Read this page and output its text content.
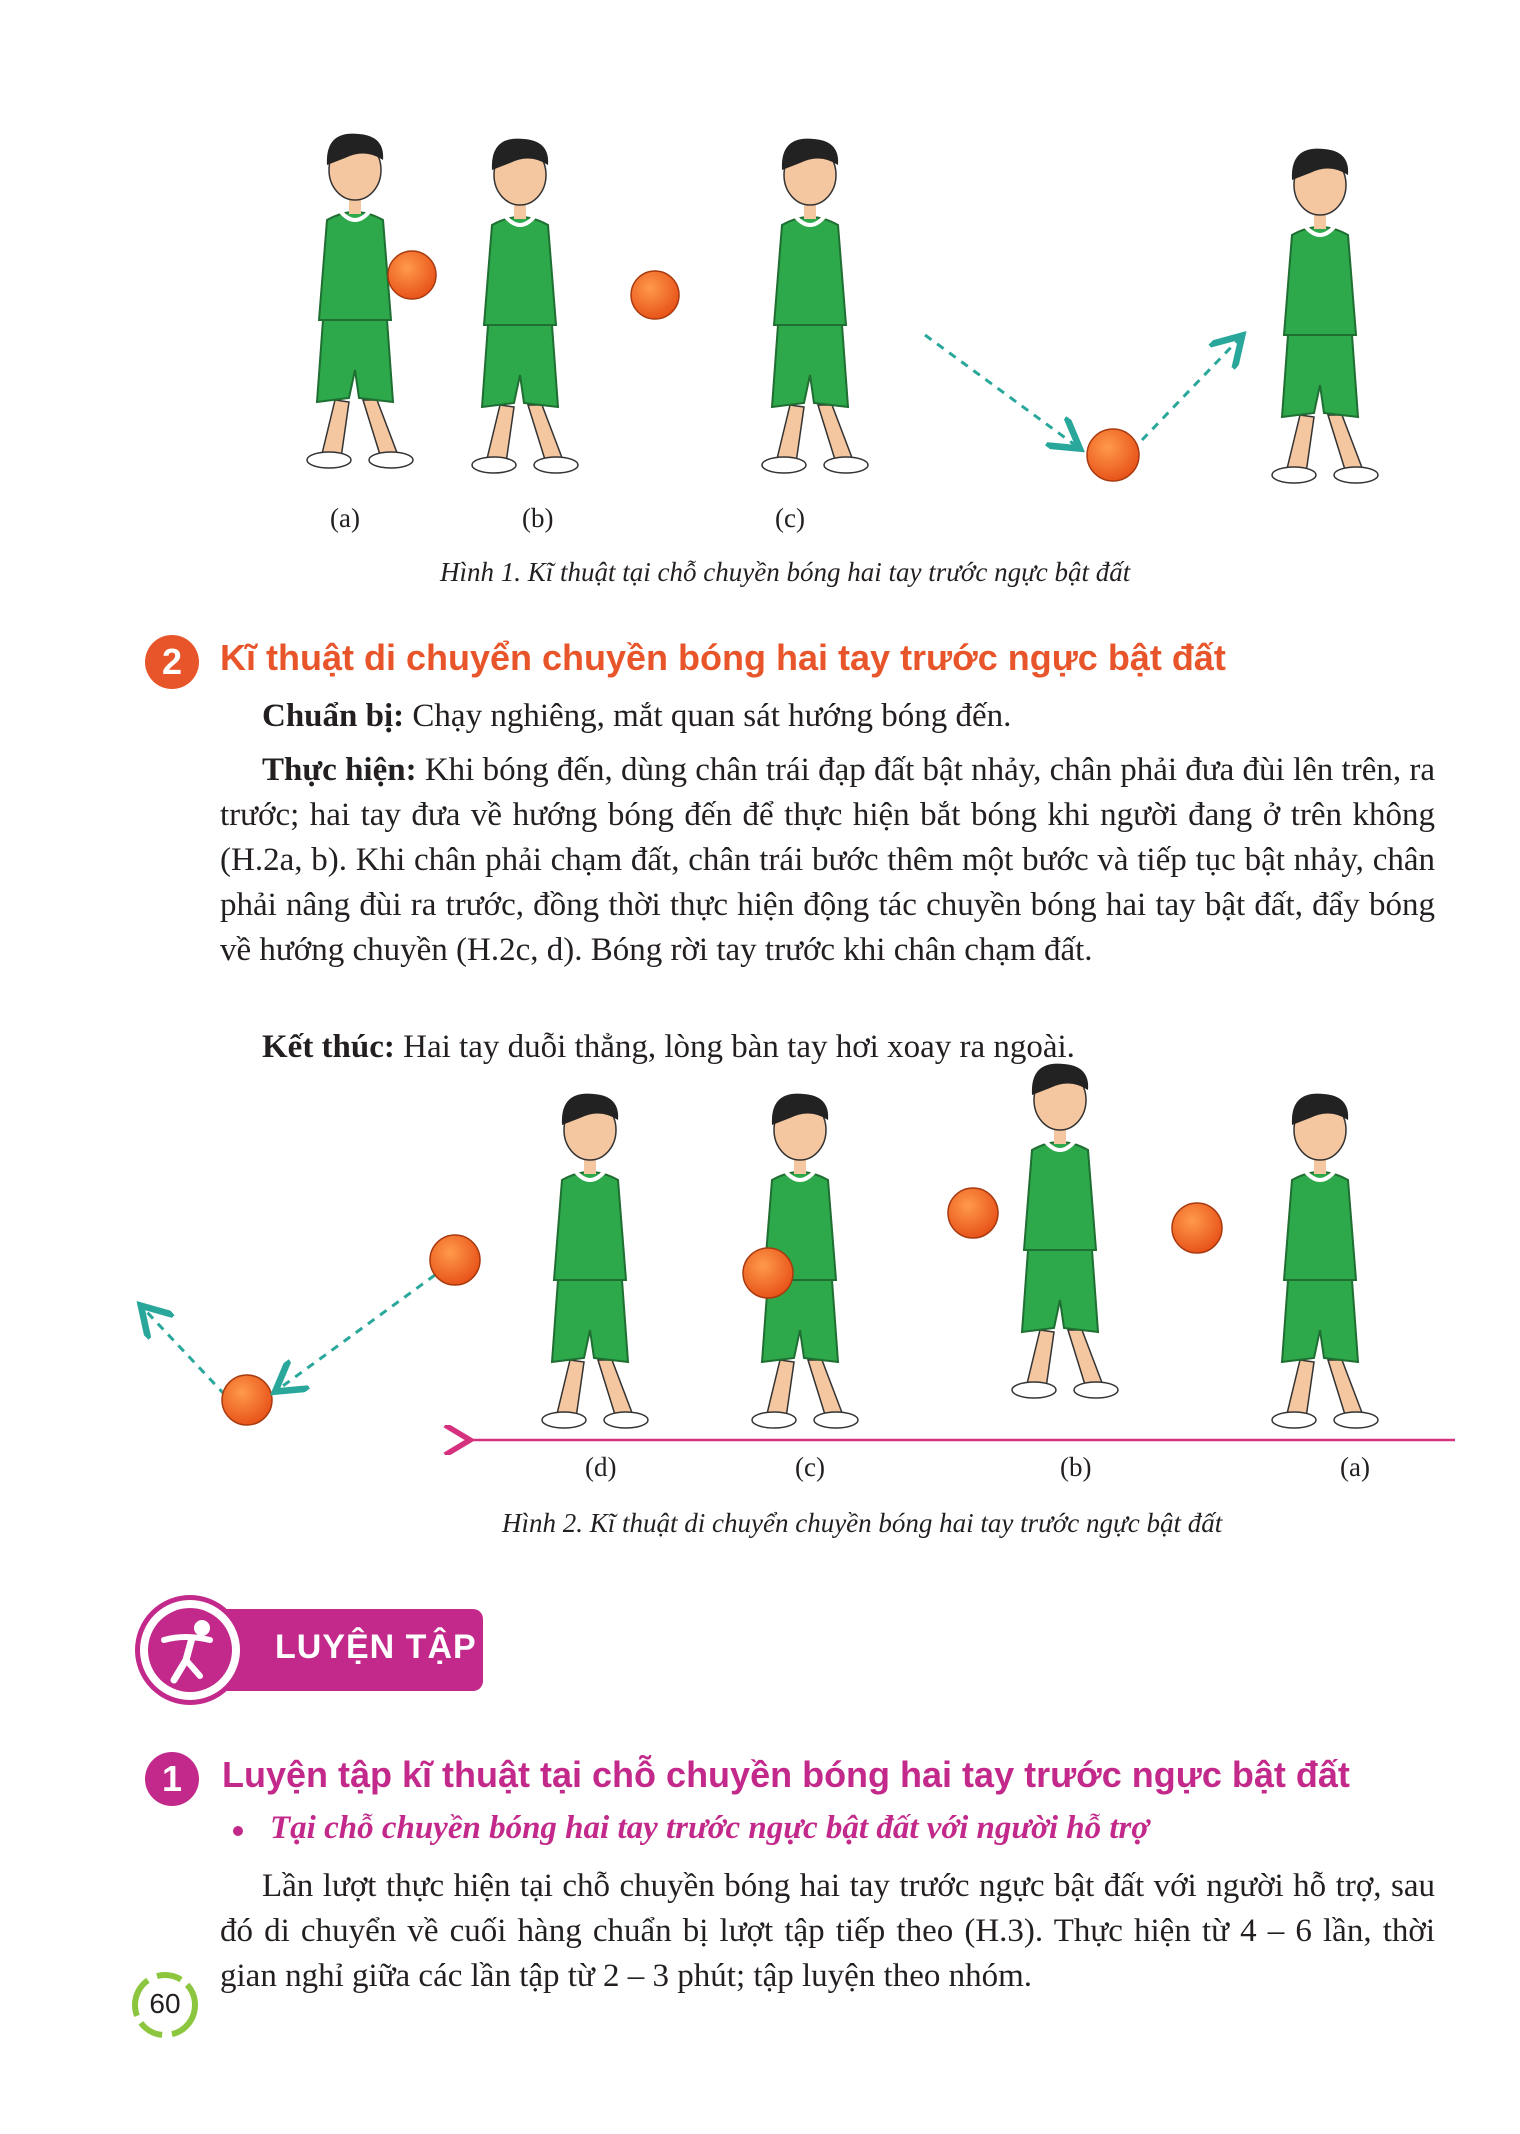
(a)	(b)	(c)
Hình 1. Kĩ thuật tại chỗ chuyền bóng hai tay trước ngực bật đất
2	Kĩ thuật di chuyển chuyền bóng hai tay trước ngực bật đất
Chuẩn bị: Chạy nghiêng, mắt quan sát hướng bóng đến.
Thực hiện: Khi bóng đến, dùng chân trái đạp đất bật nhảy, chân phải đưa đùi lên trên, ra trước; hai tay đưa về hướng bóng đến để thực hiện bắt bóng khi người đang ở trên không (H.2a, b). Khi chân phải chạm đất, chân trái bước thêm một bước và tiếp tục bật nhảy, chân phải nâng đùi ra trước, đồng thời thực hiện động tác chuyền bóng hai tay bật đất, đẩy bóng về hướng chuyền (H.2c, d). Bóng rời tay trước khi chân chạm đất.
Kết thúc: Hai tay duỗi thẳng, lòng bàn tay hơi xoay ra ngoài.
(d)	(c)	(b)	(a)
Hình 2. Kĩ thuật di chuyển chuyền bóng hai tay trước ngực bật đất
LUYỆN TẬP
1	Luyện tập kĩ thuật tại chỗ chuyền bóng hai tay trước ngực bật đất
Tại chỗ chuyền bóng hai tay trước ngực bật đất với người hỗ trợ
Lần lượt thực hiện tại chỗ chuyền bóng hai tay trước ngực bật đất với người hỗ trợ, sau đó di chuyển về cuối hàng chuẩn bị lượt tập tiếp theo (H.3). Thực hiện từ 4 – 6 lần, thời gian nghỉ giữa các lần tập từ 2 – 3 phút; tập luyện theo nhóm.
60
